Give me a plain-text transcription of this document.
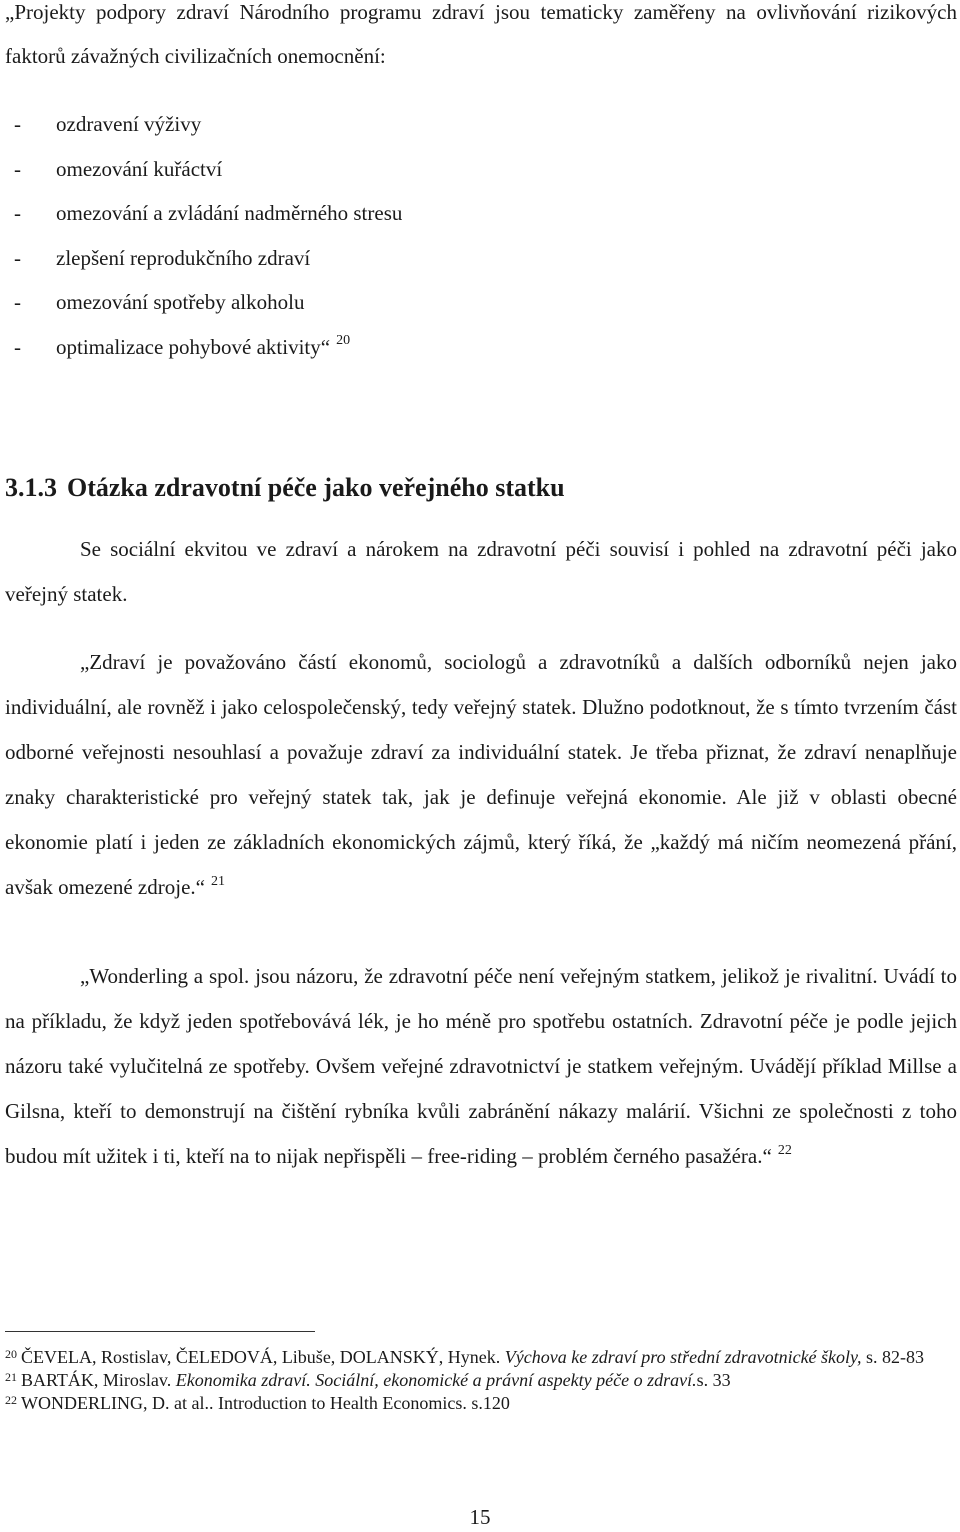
„Projekty podpory zdraví Národního programu zdraví jsou tematicky zaměřeny na ovlivňování rizikových faktorů závažných civilizačních onemocnění:

- ozdravení výživy
- omezování kuřáctví
- omezování a zvládání nadměrného stresu
- zlepšení reprodukčního zdraví
- omezování spotřeby alkoholu
- optimalizace pohybové aktivity“ $^{20}$
3.1.3 Otázka zdravotní péče jako veřejného statku

Se sociální ekvitou ve zdraví a nárokem na zdravotní péči souvisí i pohled na zdravotní péči jako veřejný statek.

„Zdraví je považováno částí ekonomů, sociologů a zdravotníků a dalších odborníků nejen jako individuální, ale rovněž i jako celospolečenský, tedy veřejný statek. Dlužno podotknout, že s tímto tvrzením část odborné veřejnosti nesouhlasí a považuje zdraví za individuální statek. Je třeba přiznat, že zdraví nenaplňuje znaky charakteristické pro veřejný statek tak, jak je definuje veřejná ekonomie. Ale již v oblasti obecné ekonomie platí i jeden ze základních ekonomických zájmů, který říká, že „každý má ničím neomezená přání, avšak omezené zdroje.“ $^{21}$

„Wonderling a spol. jsou názoru, že zdravotní péče není veřejným statkem, jelikož je rivalitní. Uvádí to na příkladu, že když jeden spotřebovává lék, je ho méně pro spotřebu ostatních. Zdravotní péče je podle jejich názoru také vylučitelná ze spotřeby. Ovšem veřejné zdravotnictví je statkem veřejným. Uvádějí příklad Millse a Gilsna, kteří to demonstrují na čištění rybníka kvůli zabránění nákazy malárií. Všichni ze společnosti z toho budou mít užitek i ti, kteří na to nijak nepřispěli – free-riding – problém černého pasažéra.“ $^{22}$

$^{20}$ ČEVELA, Rostislav, ČELEDOVÁ, Libuše, DOLANSKÝ, Hynek. Výchova ke zdraví pro střední zdravotnické školy, s. 82-83

$^{21}$ BARTÁK, Miroslav. Ekonomika zdraví. Sociální, ekonomické a právní aspekty péče o zdraví.s. 33

$^{22}$ WONDERLING, D. at al.. Introduction to Health Economics. s.120

15
